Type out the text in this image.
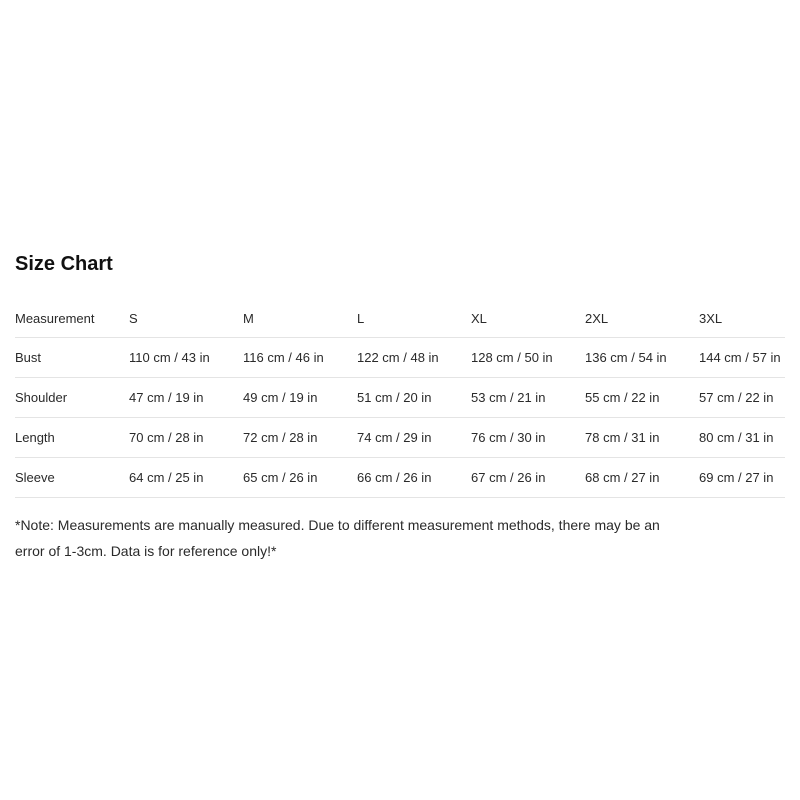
Size Chart
Measurement	S	M	L	XL	2XL	3XL
Bust	110 cm / 43 in	116 cm / 46 in	122 cm / 48 in	128 cm / 50 in	136 cm / 54 in	144 cm / 57 in
Shoulder	47 cm / 19 in	49 cm / 19 in	51 cm / 20 in	53 cm / 21 in	55 cm / 22 in	57 cm / 22 in
Length	70 cm / 28 in	72 cm / 28 in	74 cm / 29 in	76 cm / 30 in	78 cm / 31 in	80 cm / 31 in
Sleeve	64 cm / 25 in	65 cm / 26 in	66 cm / 26 in	67 cm / 26 in	68 cm / 27 in	69 cm / 27 in

*Note: Measurements are manually measured. Due to different measurement methods, there may be an error of 1-3cm. Data is for reference only!*
